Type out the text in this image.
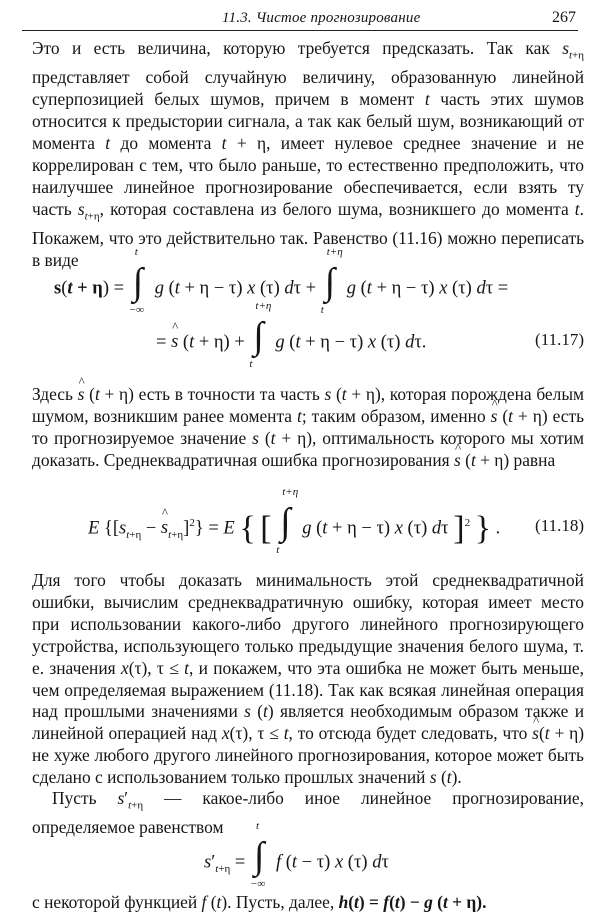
11.3. Чистое прогнозирование	267

Это и есть величина, которую требуется предсказать. Так как $s_{t+\eta}$ представляет собой случайную величину, образованную линейной суперпозицией белых шумов, причем в момент t часть этих шумов относится к предыстории сигнала, а так как белый шум, возникающий от момента t до момента t + η, имеет нулевое среднее значение и не коррелирован с тем, что было раньше, то естественно предположить, что наилучшее линейное прогнозирование обеспечивается, если взять ту часть $s_{t+\eta}$, которая составлена из белого шума, возникшего до момента t. Покажем, что это действительно так. Равенство (11.16) можно переписать в виде

s(t + η) = ∫
t
−∞
g (t + η − τ) x (τ) dτ + ∫
t+η
t
g (t + η − τ) x (τ) dτ =
= ^ s (t + η) + ∫
t+η
t
g (t + η − τ) x (τ) dτ.	(11.17)

Здесь ^ s (t + η) есть в точности та часть s (t + η), которая порождена белым шумом, возникшим ранее момента t; таким образом, именно ^ s (t + η) есть то прогнозируемое значение s (t + η), оптимальность которого мы хотим доказать. Среднеквадратичная ошибка прогнозирования ^ s (t + η) равна

E {[$s_{t+\eta}$ − ^ $s_{t+\eta}]^2\} = E$ { [ ∫
t+η
t
g (t + η − τ) x (τ) dτ ]$^2$ } . (11.18)

Для того чтобы доказать минимальность этой среднеквадратичной ошибки, вычислим среднеквадратичную ошибку, которая имеет место при использовании какого-либо другого линейного прогнозирующего устройства, использующего только предыдущие значения белого шума, т. е. значения x(τ), τ ≤ t, и покажем, что эта ошибка не может быть меньше, чем определяемая выражением (11.18). Так как всякая линейная операция над прошлыми значениями s (t) является необходимым образом также и линейной операцией над x(τ), τ ≤ t, то отсюда будет следовать, что ^ s(t + η) не хуже любого другого линейного прогнозирования, которое может быть сделано с использованием только прошлых значений s (t).

Пусть $s'_{t+\eta}$ — какое-либо иное линейное прогнозирование, определяемое равенством

$s'_{t+\eta}$ = ∫
t
−∞
f (t − τ) x (τ) dτ

с некоторой функцией f (t). Пусть, далее, h(t) = f(t) − g (t + η).
